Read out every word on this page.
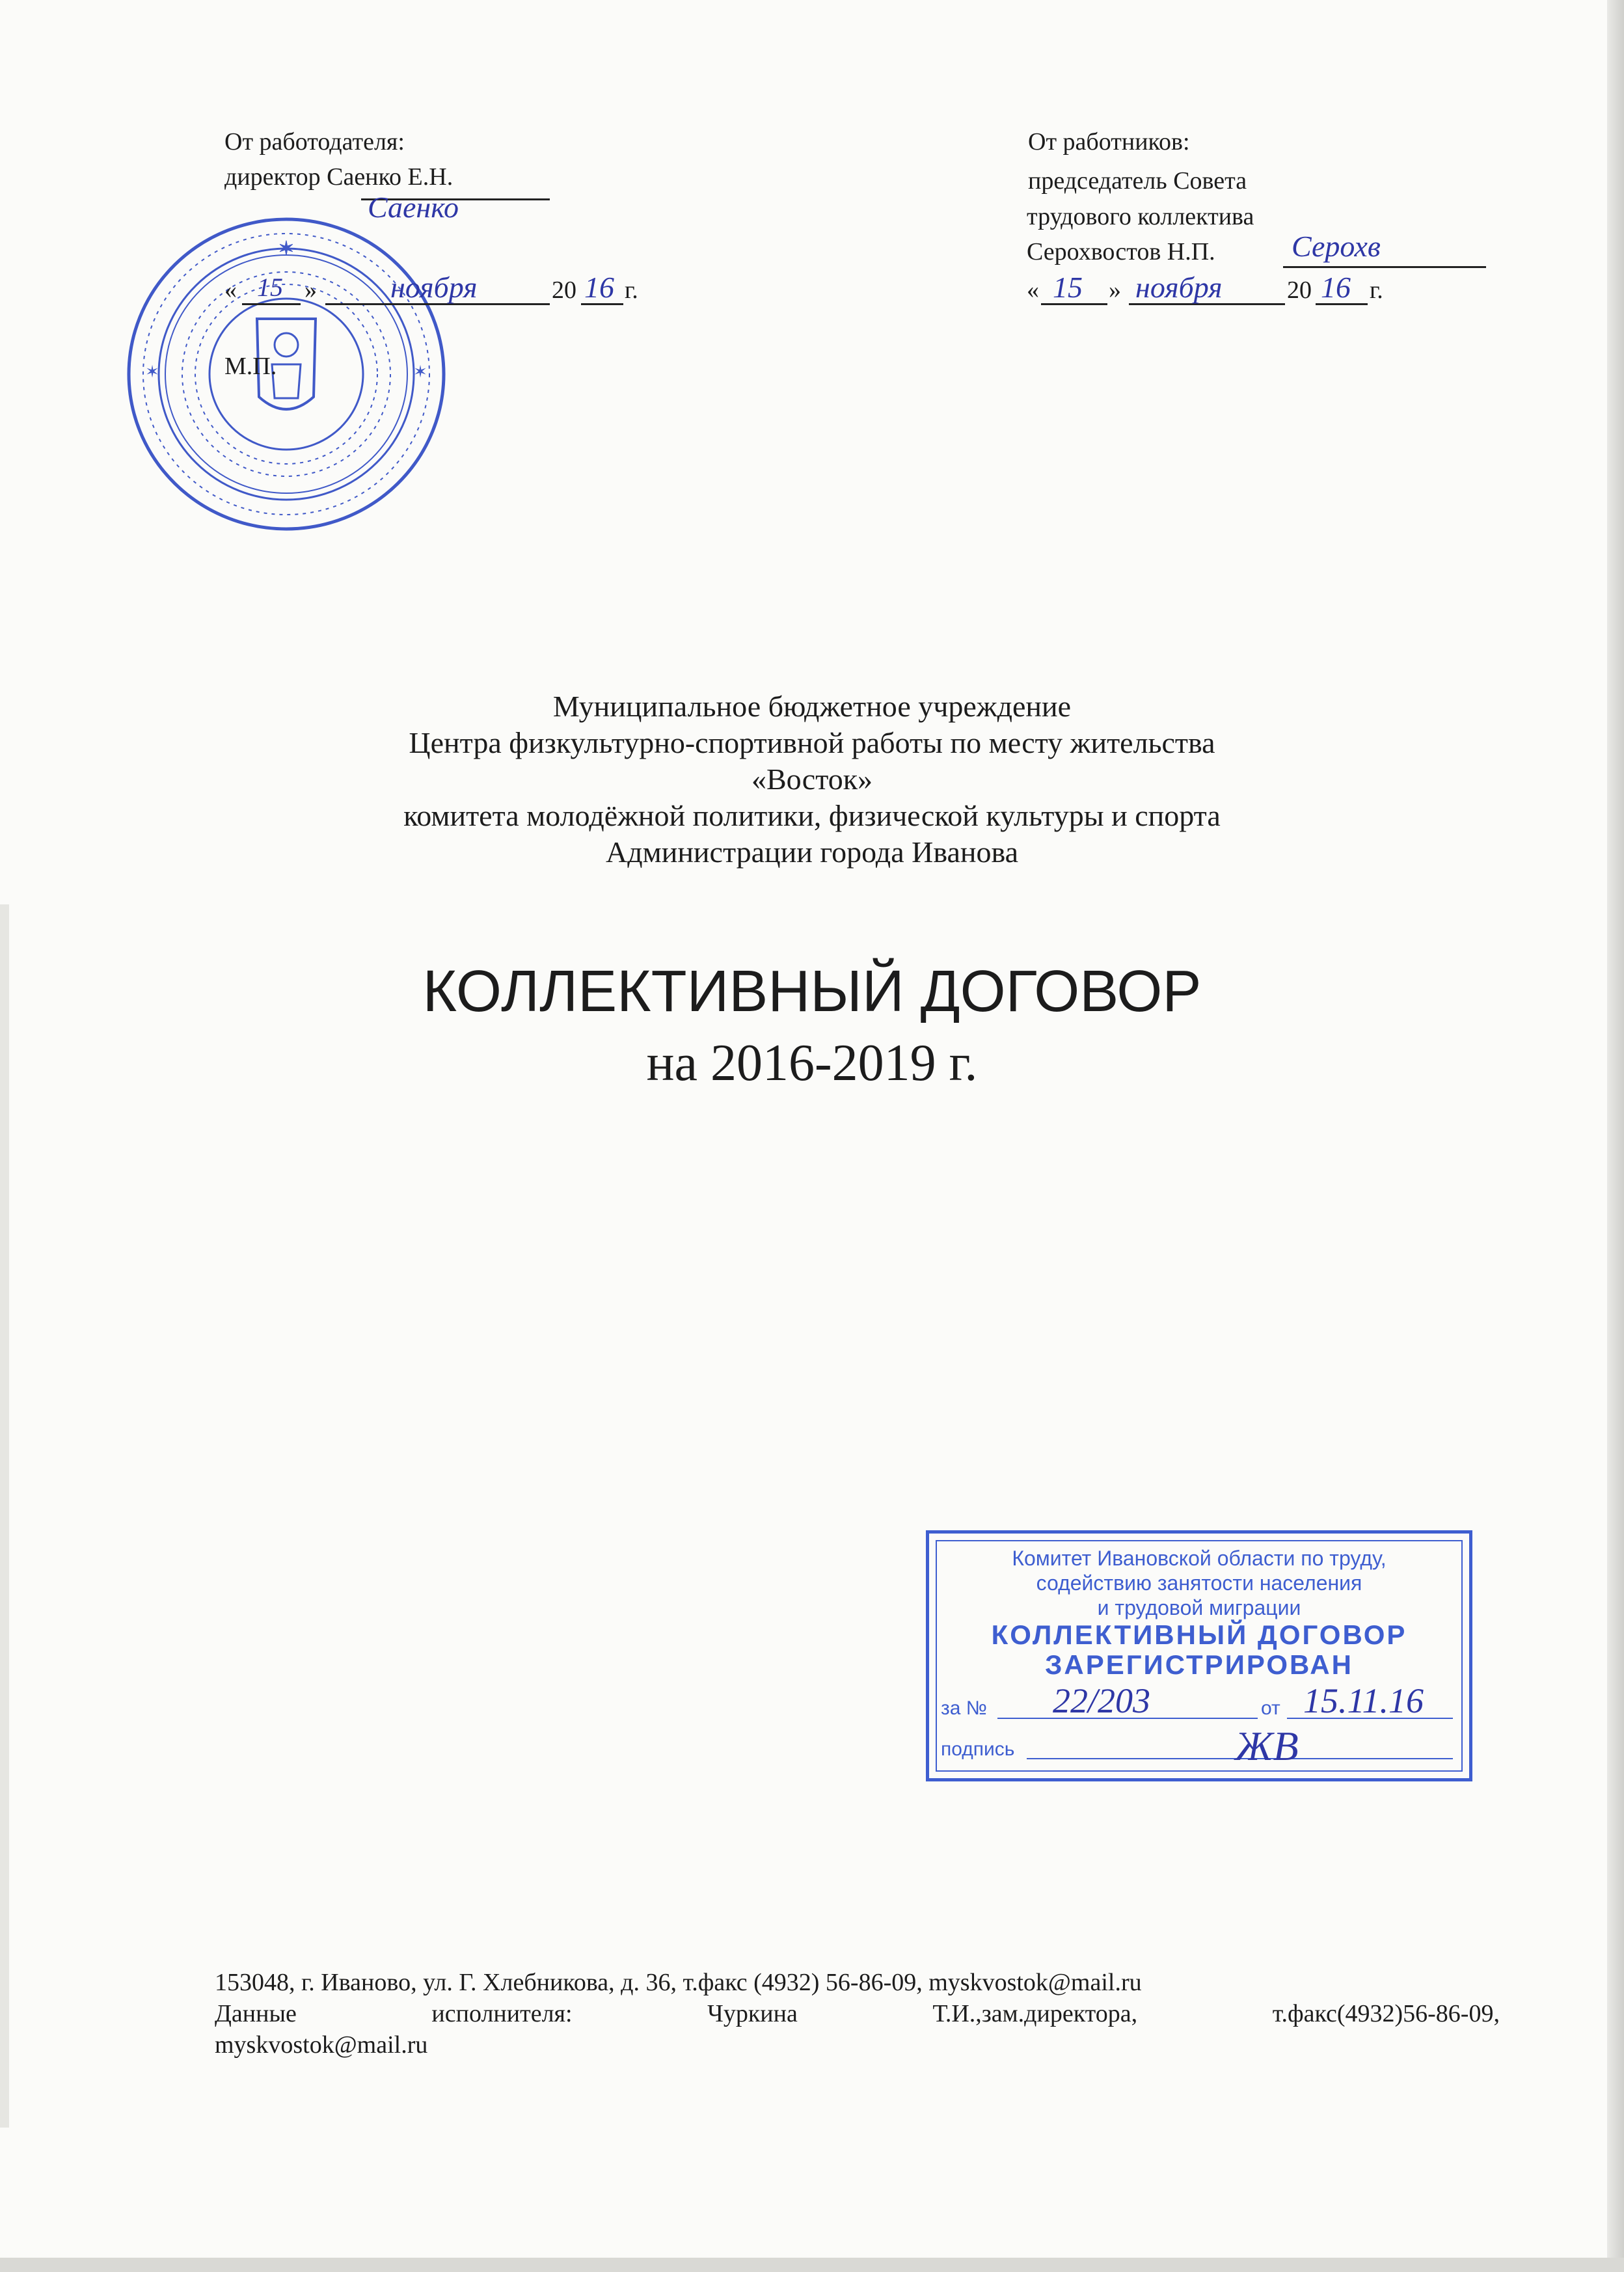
✶
✶	✶
От работодателя:
директор Саенко Е.Н.
Саенко
« 15 » ноября	20 16 г.
М.П.
От работников:
председатель Совета
трудового коллектива
Серохвостов Н.П.	Серохв
« 15 » ноября	20 16 г.
Муниципальное бюджетное учреждение
Центра физкультурно-спортивной работы по месту жительства
«Восток»
комитета молодёжной политики, физической культуры и спорта
Администрации города Иванова
КОЛЛЕКТИВНЫЙ ДОГОВОР
на 2016-2019 г.
Комитет Ивановской области по труду,
содействию занятости населения
и трудовой миграции
КОЛЛЕКТИВНЫЙ ДОГОВОР
ЗАРЕГИСТРИРОВАН
за № 22/203	от 15.11.16
подпись	ЖВ
153048, г. Иваново, ул. Г. Хлебникова, д. 36, т.факс (4932) 56-86-09, myskvostok@mail.ru
Данные	исполнителя:	Чуркина	Т.И.,зам.директора,	т.факс(4932)56-86-09,
myskvostok@mail.ru
